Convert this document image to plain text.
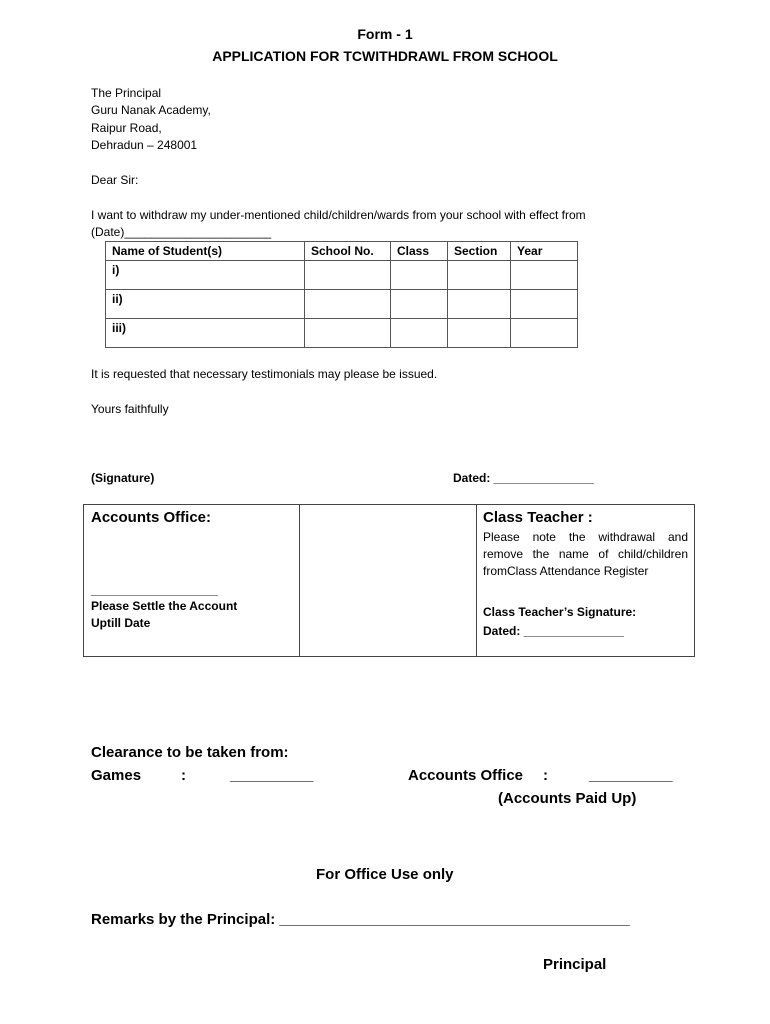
Form - 1
APPLICATION FOR TCWITHDRAWL FROM SCHOOL
The Principal
Guru Nanak Academy,
Raipur Road,
Dehradun – 248001
Dear Sir:
I want to withdraw my under-mentioned child/children/wards from your school with effect from
(Date)______________________
Name of Student(s)	School No.	Class	Section	Year
i)				
ii)				
iii)				
It is requested that necessary testimonials may please be issued.
Yours faithfully
(Signature)	Dated: _______________
Accounts Office:
___________________
Please Settle the Account
Uptill Date
Class Teacher :
Please note the withdrawal and
remove the name of child/children
fromClass Attendance Register
Class Teacher’s Signature:
Dated: _______________
Clearance to be taken from:
Games	:	__________	Accounts Office :	__________
(Accounts Paid Up)
For Office Use only
Remarks by the Principal: __________________________________________
Principal
